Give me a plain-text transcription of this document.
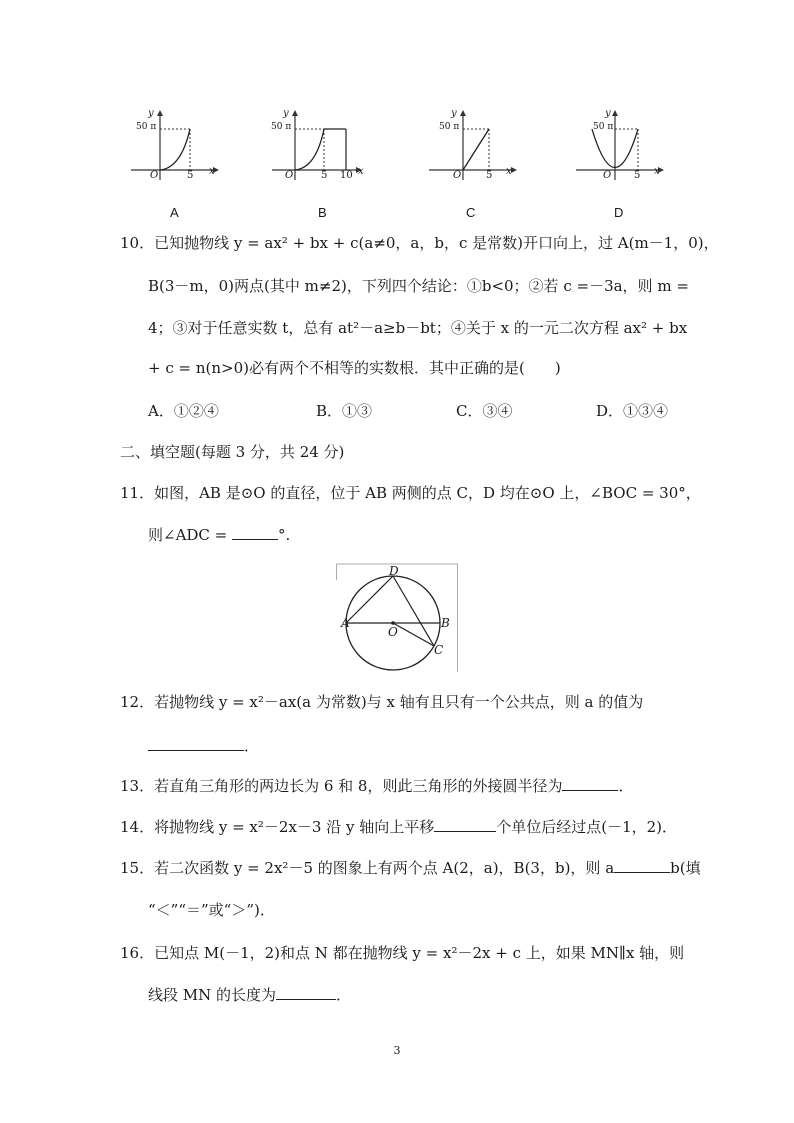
y
50 π
O	5 x
A
y
50 π
O	5 10 x
B
y
50 π
O 5 x
C
y
50 π
O 5 x
D
10．已知抛物线 y = ax² + bx + c(a≠0，a，b，c 是常数)开口向上，过 A(m－1，0)，
B(3－m，0)两点(其中 m≠2)，下列四个结论：①b<0；②若 c =－3a，则 m =
4；③对于任意实数 t，总有 at²－a≥b－bt；④关于 x 的一元二次方程 ax² + bx
+ c = n(n>0)必有两个不相等的实数根．其中正确的是(　　)
A．①②④	B．①③	C．③④	D．①③④
二、填空题(每题 3 分，共 24 分)
11．如图，AB 是⊙O 的直径，位于 AB 两侧的点 C，D 均在⊙O 上，∠BOC = 30°，
则∠ADC =	°.
A	B
C
D
O
12．若抛物线 y = x²－ax(a 为常数)与 x 轴有且只有一个公共点，则 a 的值为
．
13．若直角三角形的两边长为 6 和 8，则此三角形的外接圆半径为	．
14．将抛物线 y = x²－2x－3 沿 y 轴向上平移	个单位后经过点(－1，2)．
15．若二次函数 y = 2x²－5 的图象上有两个点 A(2，a)，B(3，b)，则 a	b(填
“＜”“＝”或“＞”)．
16．已知点 M(－1，2)和点 N 都在抛物线 y = x²－2x + c 上，如果 MN∥x 轴，则
线段 MN 的长度为	．
3
